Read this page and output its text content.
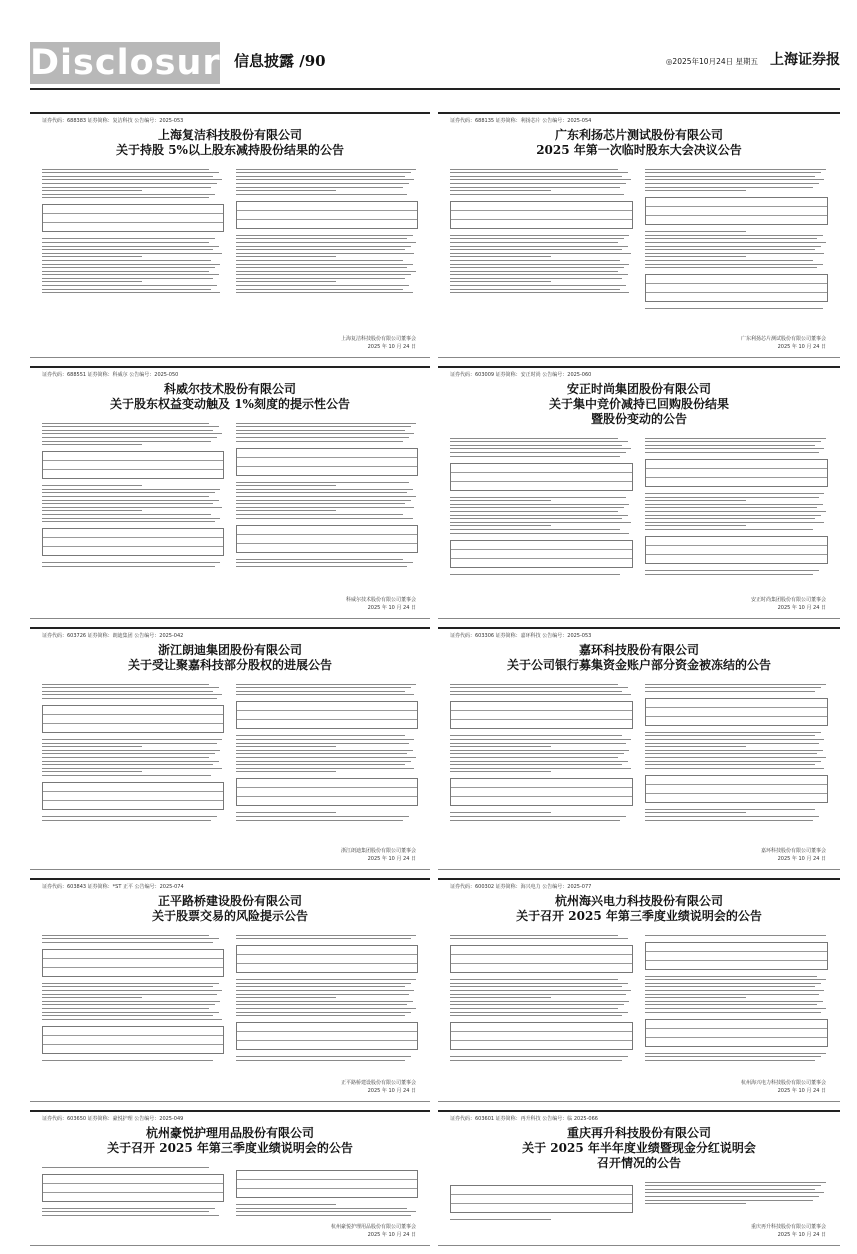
Disclosure
信息披露 /90	◎2025年10月24日 星期五 上海证券报
证券代码：688383 证券简称：复洁科技 公告编号：2025-053
上海复洁科技股份有限公司
关于持股 5%以上股东减持股份结果的公告
上海复洁科技股份有限公司董事会
2025 年 10 月 24 日
证券代码：688135 证券简称：利扬芯片 公告编号：2025-054
广东利扬芯片测试股份有限公司
2025 年第一次临时股东大会决议公告
广东利扬芯片测试股份有限公司董事会
2025 年 10 月 24 日
证券代码：688551 证券简称：科威尔 公告编号：2025-050
科威尔技术股份有限公司
关于股东权益变动触及 1%刻度的提示性公告
科威尔技术股份有限公司董事会
2025 年 10 月 24 日
证券代码：603009 证券简称：安正时尚 公告编号：2025-060
安正时尚集团股份有限公司
关于集中竞价减持已回购股份结果
暨股份变动的公告
安正时尚集团股份有限公司董事会
2025 年 10 月 24 日
证券代码：603726 证券简称：朗迪集团 公告编号：2025-042
浙江朗迪集团股份有限公司
关于受让聚嘉科技部分股权的进展公告
浙江朗迪集团股份有限公司董事会
2025 年 10 月 24 日
证券代码：603306 证券简称：嘉环科技 公告编号：2025-053
嘉环科技股份有限公司
关于公司银行募集资金账户部分资金被冻结的公告
嘉环科技股份有限公司董事会
2025 年 10 月 24 日
证券代码：603843 证券简称：*ST 正平 公告编号：2025-074
正平路桥建设股份有限公司
关于股票交易的风险提示公告
正平路桥建设股份有限公司董事会
2025 年 10 月 24 日
证券代码：600302 证券简称：海兴电力 公告编号：2025-077
杭州海兴电力科技股份有限公司
关于召开 2025 年第三季度业绩说明会的公告
杭州海兴电力科技股份有限公司董事会
2025 年 10 月 24 日
证券代码：603650 证券简称：豪悦护理 公告编号：2025-049
杭州豪悦护理用品股份有限公司
关于召开 2025 年第三季度业绩说明会的公告
杭州豪悦护理用品股份有限公司董事会
2025 年 10 月 24 日
证券代码：603601 证券简称：再升科技 公告编号：临 2025-066
重庆再升科技股份有限公司
关于 2025 年半年度业绩暨现金分红说明会
召开情况的公告
重庆再升科技股份有限公司董事会
2025 年 10 月 24 日
